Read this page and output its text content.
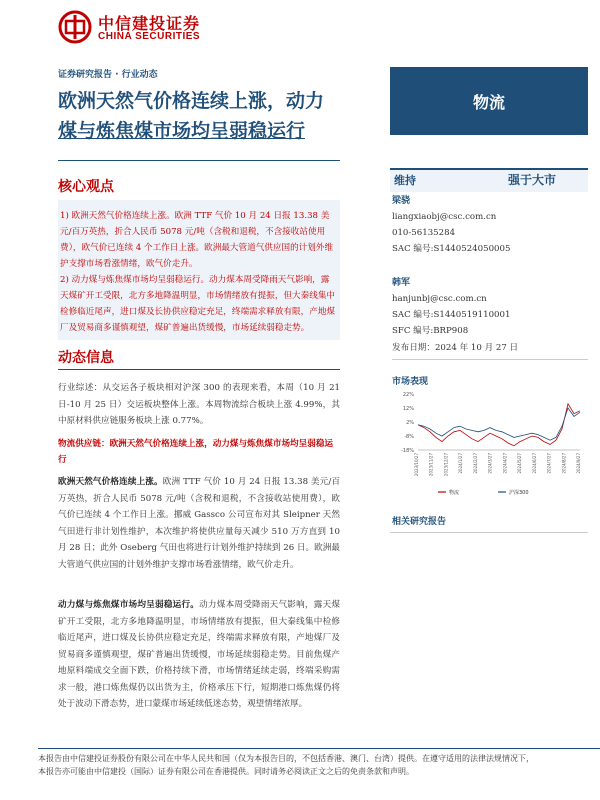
中信建投证券
CHINA SECURITIES
证券研究报告 · 行业动态
欧洲天然气价格连续上涨，动力
煤与炼焦煤市场均呈弱稳运行
物流
核心观点

1) 欧洲天然气价格连续上涨。欧洲 TTF 气价 10 月 24 日报 13.38 美元/百万英热，折合人民币 5078 元/吨（含税和退税，不含接收站使用费），欧气价已连续 4 个工作日上涨。欧洲最大管道气供应国的计划外维护支撑市场看涨情绪，欧气价走升。

2) 动力煤与炼焦煤市场均呈弱稳运行。动力煤本周受降雨天气影响，露天煤矿开工受限，北方多地降温明显，市场情绪放有提振，但大秦线集中检修临近尾声，进口煤及长协供应稳定充足，终端需求释放有限，产地煤厂及贸易商多谨慎观望，煤矿普遍出货缓慢，市场延续弱稳走势。

动态信息
行业综述：从交运各子板块相对沪深 300 的表现来看，本周（10 月 21 日-10 月 25 日）交运板块整体上涨。本周物流综合板块上涨 4.99%，其中原材料供应链服务板块上涨 0.77%。
物流供应链：欧洲天然气价格连续上涨，动力煤与炼焦煤市场均呈弱稳运行

欧洲天然气价格连续上涨。欧洲 TTF 气价 10 月 24 日报 13.38 美元/百万英热，折合人民币 5078 元/吨（含税和退税，不含接收站使用费），欧气价已连续 4 个工作日上涨。挪威 Gassco 公司宣布对其 Sleipner 天然气田进行非计划性维护，本次维护将使供应量每天减少 510 万方直到 10 月 28 日；此外 Oseberg 气田也将进行计划外维护持续到 26 日。欧洲最大管道气供应国的计划外维护支撑市场看涨情绪，欧气价走升。

动力煤与炼焦煤市场均呈弱稳运行。动力煤本周受降雨天气影响，露天煤矿开工受限，北方多地降温明显，市场情绪放有提振，但大秦线集中检修临近尾声，进口煤及长协供应稳定充足，终端需求释放有限，产地煤厂及贸易商多谨慎观望，煤矿普遍出货缓慢，市场延续弱稳走势。目前焦煤产地原料端成交全面下跌，价格持续下滑，市场情绪延续走弱，终端采购需求一般，港口炼焦煤仍以出货为主，价格承压下行，短期港口炼焦煤仍将处于波动下滑态势，进口蒙煤市场延续低迷态势，观望情绪浓厚。

维持	强于大市
梁骁
liangxiaobj@csc.com.cn
010-56135284
SAC 编号:S1440524050005
韩军
hanjunbj@csc.com.cn
SAC 编号:S1440519110001
SFC 编号:BRP908
发布日期：2024 年 10 月 27 日
市场表现
22%
12%
2%
-8%
-18%
2023/10/27 2023/11/27 2023/12/27 2024/1/27 2024/2/27 2024/3/27 2024/4/27 2024/5/27 2024/6/27 2024/7/27 2024/8/27 2024/9/27
物流	沪深300
相关研究报告
本报告由中信建投证券股份有限公司在中华人民共和国（仅为本报告目的，不包括香港、澳门、台湾）提供。在遵守适用的法律法规情况下，
本报告亦可能由中信建投（国际）证券有限公司在香港提供。同时请务必阅读正文之后的免责条款和声明。
